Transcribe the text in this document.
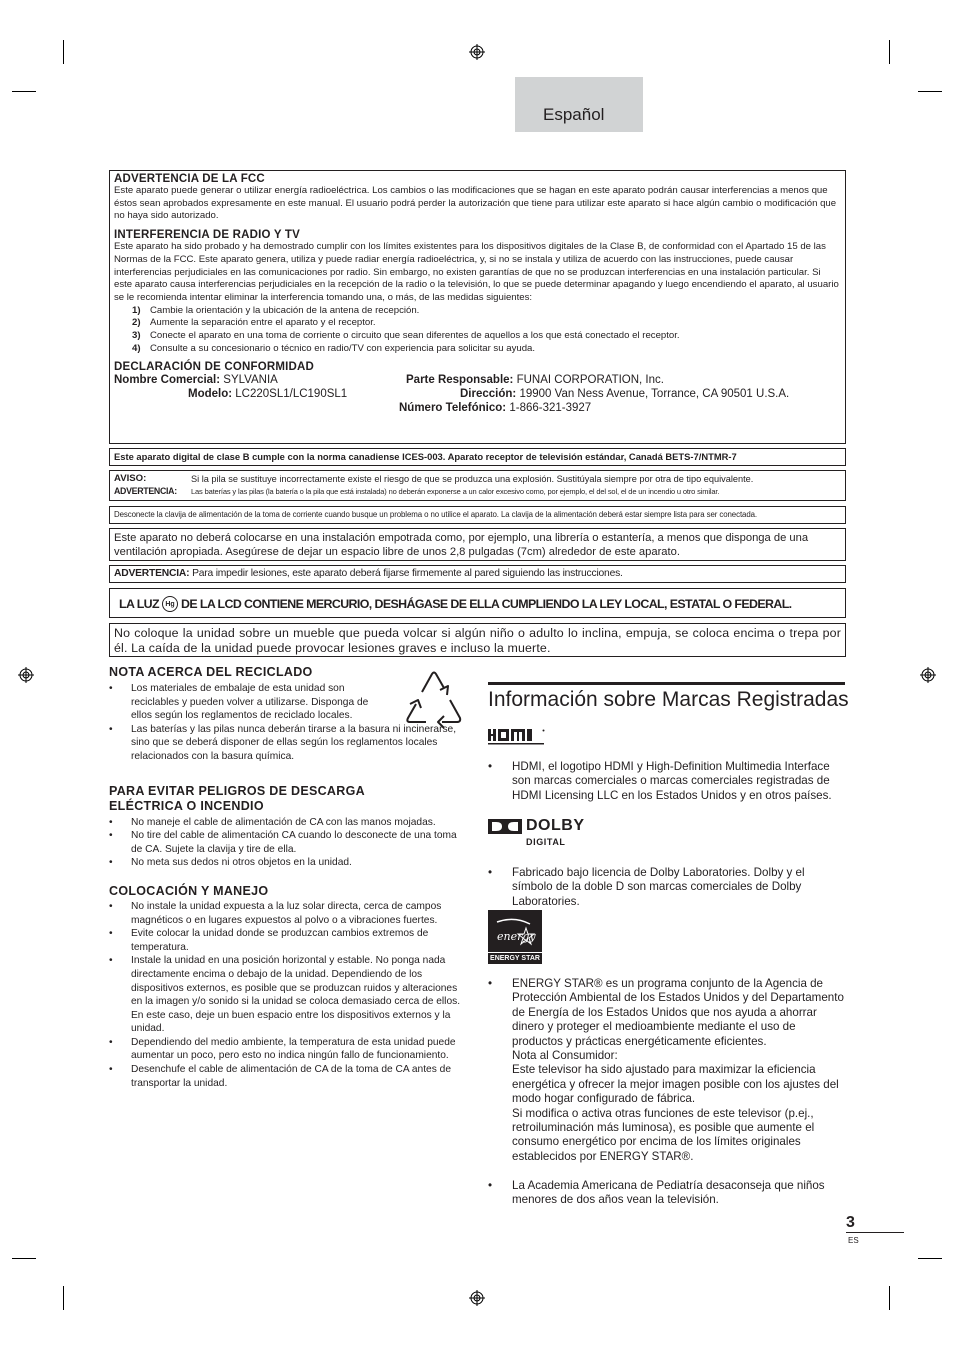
Español
ADVERTENCIA DE LA FCC
Este aparato puede generar o utilizar energía radioeléctrica. Los cambios o las modificaciones que se hagan en este aparato podrán causar interferencias a menos que éstos sean aprobados expresamente en este manual. El usuario podrá perder la autorización que tiene para utilizar este aparato si hace algún cambio o modificación que no haya sido autorizado.
INTERFERENCIA DE RADIO Y TV
Este aparato ha sido probado y ha demostrado cumplir con los límites existentes para los dispositivos digitales de la Clase B, de conformidad con el Apartado 15 de las Normas de la FCC. Este aparato genera, utiliza y puede radiar energía radioeléctrica, y, si no se instala y utiliza de acuerdo con las instrucciones, puede causar interferencias perjudiciales en las comunicaciones por radio. Sin embargo, no existen garantías de que no se produzcan interferencias en una instalación particular. Si este aparato causa interferencias perjudiciales en la recepción de la radio o la televisión, lo que se puede determinar apagando y luego encendiendo el aparato, al usuario se le recomienda intentar eliminar la interferencia tomando una, o más, de las medidas siguientes:
1) Cambie la orientación y la ubicación de la antena de recepción.
2) Aumente la separación entre el aparato y el receptor.
3) Conecte el aparato en una toma de corriente o circuito que sean diferentes de aquellos a los que está conectado el receptor.
4) Consulte a su concesionario o técnico en radio/TV con experiencia para solicitar su ayuda.
DECLARACIÓN DE CONFORMIDAD
Nombre Comercial: SYLVANIA
Modelo: LC220SL1/LC190SL1
Parte Responsable: FUNAI CORPORATION, Inc.
Dirección: 19900 Van Ness Avenue, Torrance, CA 90501 U.S.A.
Número Telefónico: 1-866-321-3927
Este aparato digital de clase B cumple con la norma canadiense ICES-003. Aparato receptor de televisión estándar, Canadá BETS-7/NTMR-7
AVISO:	Si la pila se sustituye incorrectamente existe el riesgo de que se produzca una explosión. Sustitúyala siempre por otra de tipo equivalente.
ADVERTENCIA: Las baterías y las pilas (la batería o la pila que está instalada) no deberán exponerse a un calor excesivo como, por ejemplo, el del sol, el de un incendio u otro similar.
Desconecte la clavija de alimentación de la toma de corriente cuando busque un problema o no utilice el aparato. La clavija de la alimentación deberá estar siempre lista para ser conectada.
Este aparato no deberá colocarse en una instalación empotrada como, por ejemplo, una librería o estantería, a menos que disponga de una ventilación apropiada. Asegúrese de dejar un espacio libre de unos 2,8 pulgadas (7cm) alrededor de este aparato.
ADVERTENCIA: Para impedir lesiones, este aparato deberá fijarse firmemente al pared siguiendo las instrucciones.
LA LUZ Hg DE LA LCD CONTIENE MERCURIO, DESHÁGASE DE ELLA CUMPLIENDO LA LEY LOCAL, ESTATAL O FEDERAL.
No coloque la unidad sobre un mueble que pueda volcar si algún niño o adulto lo inclina, empuja, se coloca encima o trepa por él. La caída de la unidad puede provocar lesiones graves e incluso la muerte.
NOTA ACERCA DEL RECICLADO
• Los materiales de embalaje de esta unidad son reciclables y pueden volver a utilizarse. Disponga de ellos según los reglamentos de reciclado locales.
• Las baterías y las pilas nunca deberán tirarse a la basura ni incinerarse, sino que se deberá disponer de ellas según los reglamentos locales relacionados con la basura química.
PARA EVITAR PELIGROS DE DESCARGA ELÉCTRICA O INCENDIO
• No maneje el cable de alimentación de CA con las manos mojadas.
• No tire del cable de alimentación CA cuando lo desconecte de una toma de CA. Sujete la clavija y tire de ella.
• No meta sus dedos ni otros objetos en la unidad.
COLOCACIÓN Y MANEJO
• No instale la unidad expuesta a la luz solar directa, cerca de campos magnéticos o en lugares expuestos al polvo o a vibraciones fuertes.
• Evite colocar la unidad donde se produzcan cambios extremos de temperatura.
• Instale la unidad en una posición horizontal y estable. No ponga nada directamente encima o debajo de la unidad. Dependiendo de los dispositivos externos, es posible que se produzcan ruidos y alteraciones en la imagen y/o sonido si la unidad se coloca demasiado cerca de ellos. En este caso, deje un buen espacio entre los dispositivos externos y la unidad.
• Dependiendo del medio ambiente, la temperatura de esta unidad puede aumentar un poco, pero esto no indica ningún fallo de funcionamiento.
• Desenchufe el cable de alimentación de CA de la toma de CA antes de transportar la unidad.
Información sobre Marcas Registradas
• HDMI, el logotipo HDMI y High-Definition Multimedia Interface son marcas comerciales o marcas comerciales registradas de HDMI Licensing LLC en los Estados Unidos y en otros países.
DOLBY
DIGITAL
• Fabricado bajo licencia de Dolby Laboratories. Dolby y el símbolo de la doble D son marcas comerciales de Dolby Laboratories.
energy
ENERGY STAR
• ENERGY STAR® es un programa conjunto de la Agencia de Protección Ambiental de los Estados Unidos y del Departamento de Energía de los Estados Unidos que nos ayuda a ahorrar dinero y proteger el medioambiente mediante el uso de productos y prácticas energéticamente eficientes.
Nota al Consumidor:
Este televisor ha sido ajustado para maximizar la eficiencia energética y ofrecer la mejor imagen posible con los ajustes del modo hogar configurado de fábrica.
Si modifica o activa otras funciones de este televisor (p.ej., retroiluminación más luminosa), es posible que aumente el consumo energético por encima de los límites originales establecidos por ENERGY STAR®.
• La Academia Americana de Pediatría desaconseja que niños menores de dos años vean la televisión.
3
ES
